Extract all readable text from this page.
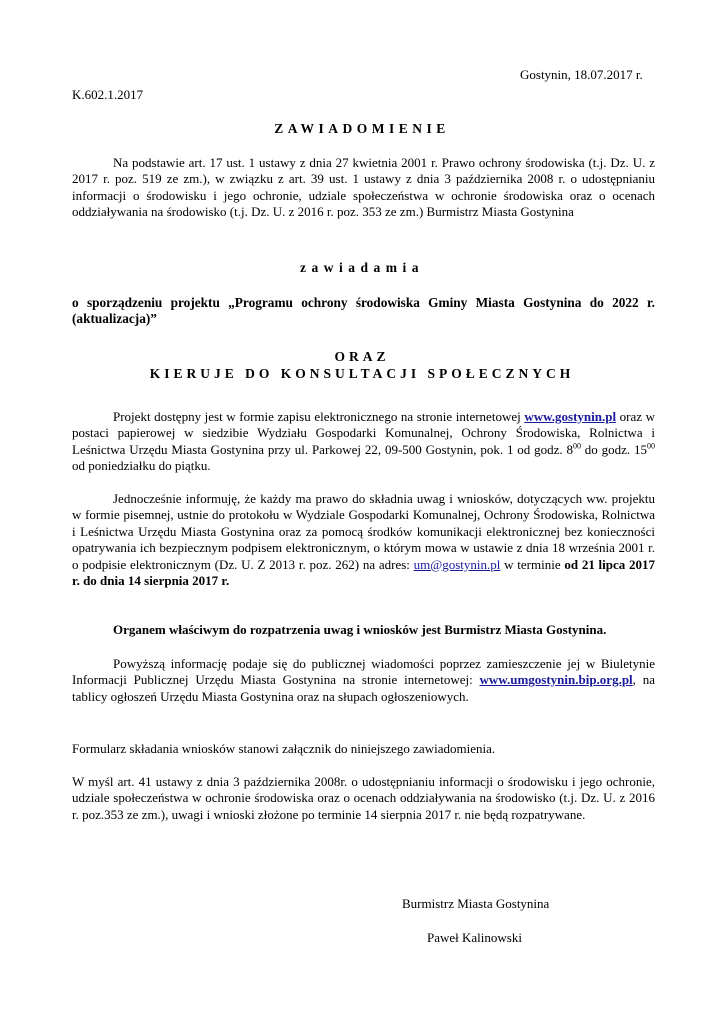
Gostynin, 18.07.2017 r.
K.602.1.2017
ZAWIADOMIENIE
Na podstawie art. 17 ust. 1 ustawy z dnia 27 kwietnia 2001 r. Prawo ochrony środowiska (t.j. Dz. U. z 2017 r. poz. 519 ze zm.), w związku z art. 39 ust. 1 ustawy z dnia 3 października 2008 r. o udostępnianiu informacji o środowisku i jego ochronie, udziale społeczeństwa w ochronie środowiska oraz o ocenach oddziaływania na środowisko (t.j. Dz. U. z 2016 r. poz. 353 ze zm.) Burmistrz Miasta Gostynina
zawiadamia
o sporządzeniu projektu „Programu ochrony środowiska Gminy Miasta Gostynina do 2022 r. (aktualizacja)”
ORAZ
KIERUJE DO KONSULTACJI SPOŁECZNYCH
Projekt dostępny jest w formie zapisu elektronicznego na stronie internetowej www.gostynin.pl oraz w postaci papierowej w siedzibie Wydziału Gospodarki Komunalnej, Ochrony Środowiska, Rolnictwa i Leśnictwa Urzędu Miasta Gostynina przy ul. Parkowej 22, 09-500 Gostynin, pok. 1 od godz. $8^{00}$ do godz. $15^{00}$ od poniedziałku do piątku.
Jednocześnie informuję, że każdy ma prawo do składnia uwag i wniosków, dotyczących ww. projektu w formie pisemnej, ustnie do protokołu w Wydziale Gospodarki Komunalnej, Ochrony Środowiska, Rolnictwa i Leśnictwa Urzędu Miasta Gostynina oraz za pomocą środków komunikacji elektronicznej bez konieczności opatrywania ich bezpiecznym podpisem elektronicznym, o którym mowa w ustawie z dnia 18 września 2001 r. o podpisie elektronicznym (Dz. U. Z 2013 r. poz. 262) na adres: um@gostynin.pl w terminie od 21 lipca 2017 r. do dnia 14 sierpnia 2017 r.
Organem właściwym do rozpatrzenia uwag i wniosków jest Burmistrz Miasta Gostynina.
Powyższą informację podaje się do publicznej wiadomości poprzez zamieszczenie jej w Biuletynie Informacji Publicznej Urzędu Miasta Gostynina na stronie internetowej: www.umgostynin.bip.org.pl, na tablicy ogłoszeń Urzędu Miasta Gostynina oraz na słupach ogłoszeniowych.
Formularz składania wniosków stanowi załącznik do niniejszego zawiadomienia.
W myśl art. 41 ustawy z dnia 3 października 2008r. o udostępnianiu informacji o środowisku i jego ochronie, udziale społeczeństwa w ochronie środowiska oraz o ocenach oddziaływania na środowisko (t.j. Dz. U. z 2016 r. poz.353 ze zm.), uwagi i wnioski złożone po terminie 14 sierpnia 2017 r. nie będą rozpatrywane.
Burmistrz Miasta Gostynina
Paweł Kalinowski
